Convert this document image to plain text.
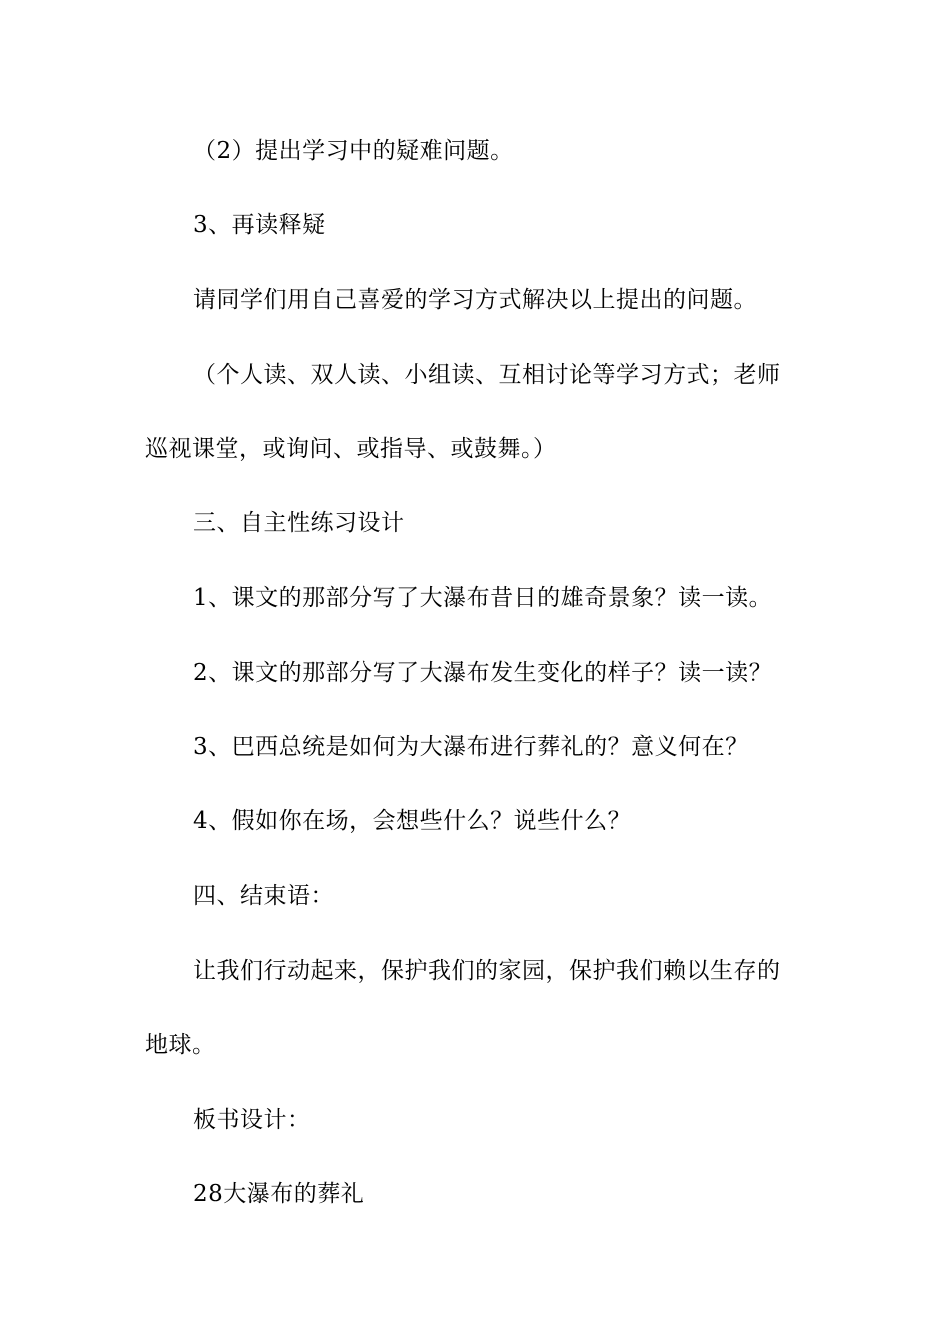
（2）提出学习中的疑难问题。
3、再读释疑
请同学们用自己喜爱的学习方式解决以上提出的问题。
（个人读、双人读、小组读、互相讨论等学习方式；老师
巡视课堂，或询问、或指导、或鼓舞。）
三、自主性练习设计
1、课文的那部分写了大瀑布昔日的雄奇景象？读一读。
2、课文的那部分写了大瀑布发生变化的样子？读一读？
3、巴西总统是如何为大瀑布进行葬礼的？意义何在？
4、假如你在场，会想些什么？说些什么？
四、结束语：
让我们行动起来，保护我们的家园，保护我们赖以生存的
地球。
板书设计：
28大瀑布的葬礼
